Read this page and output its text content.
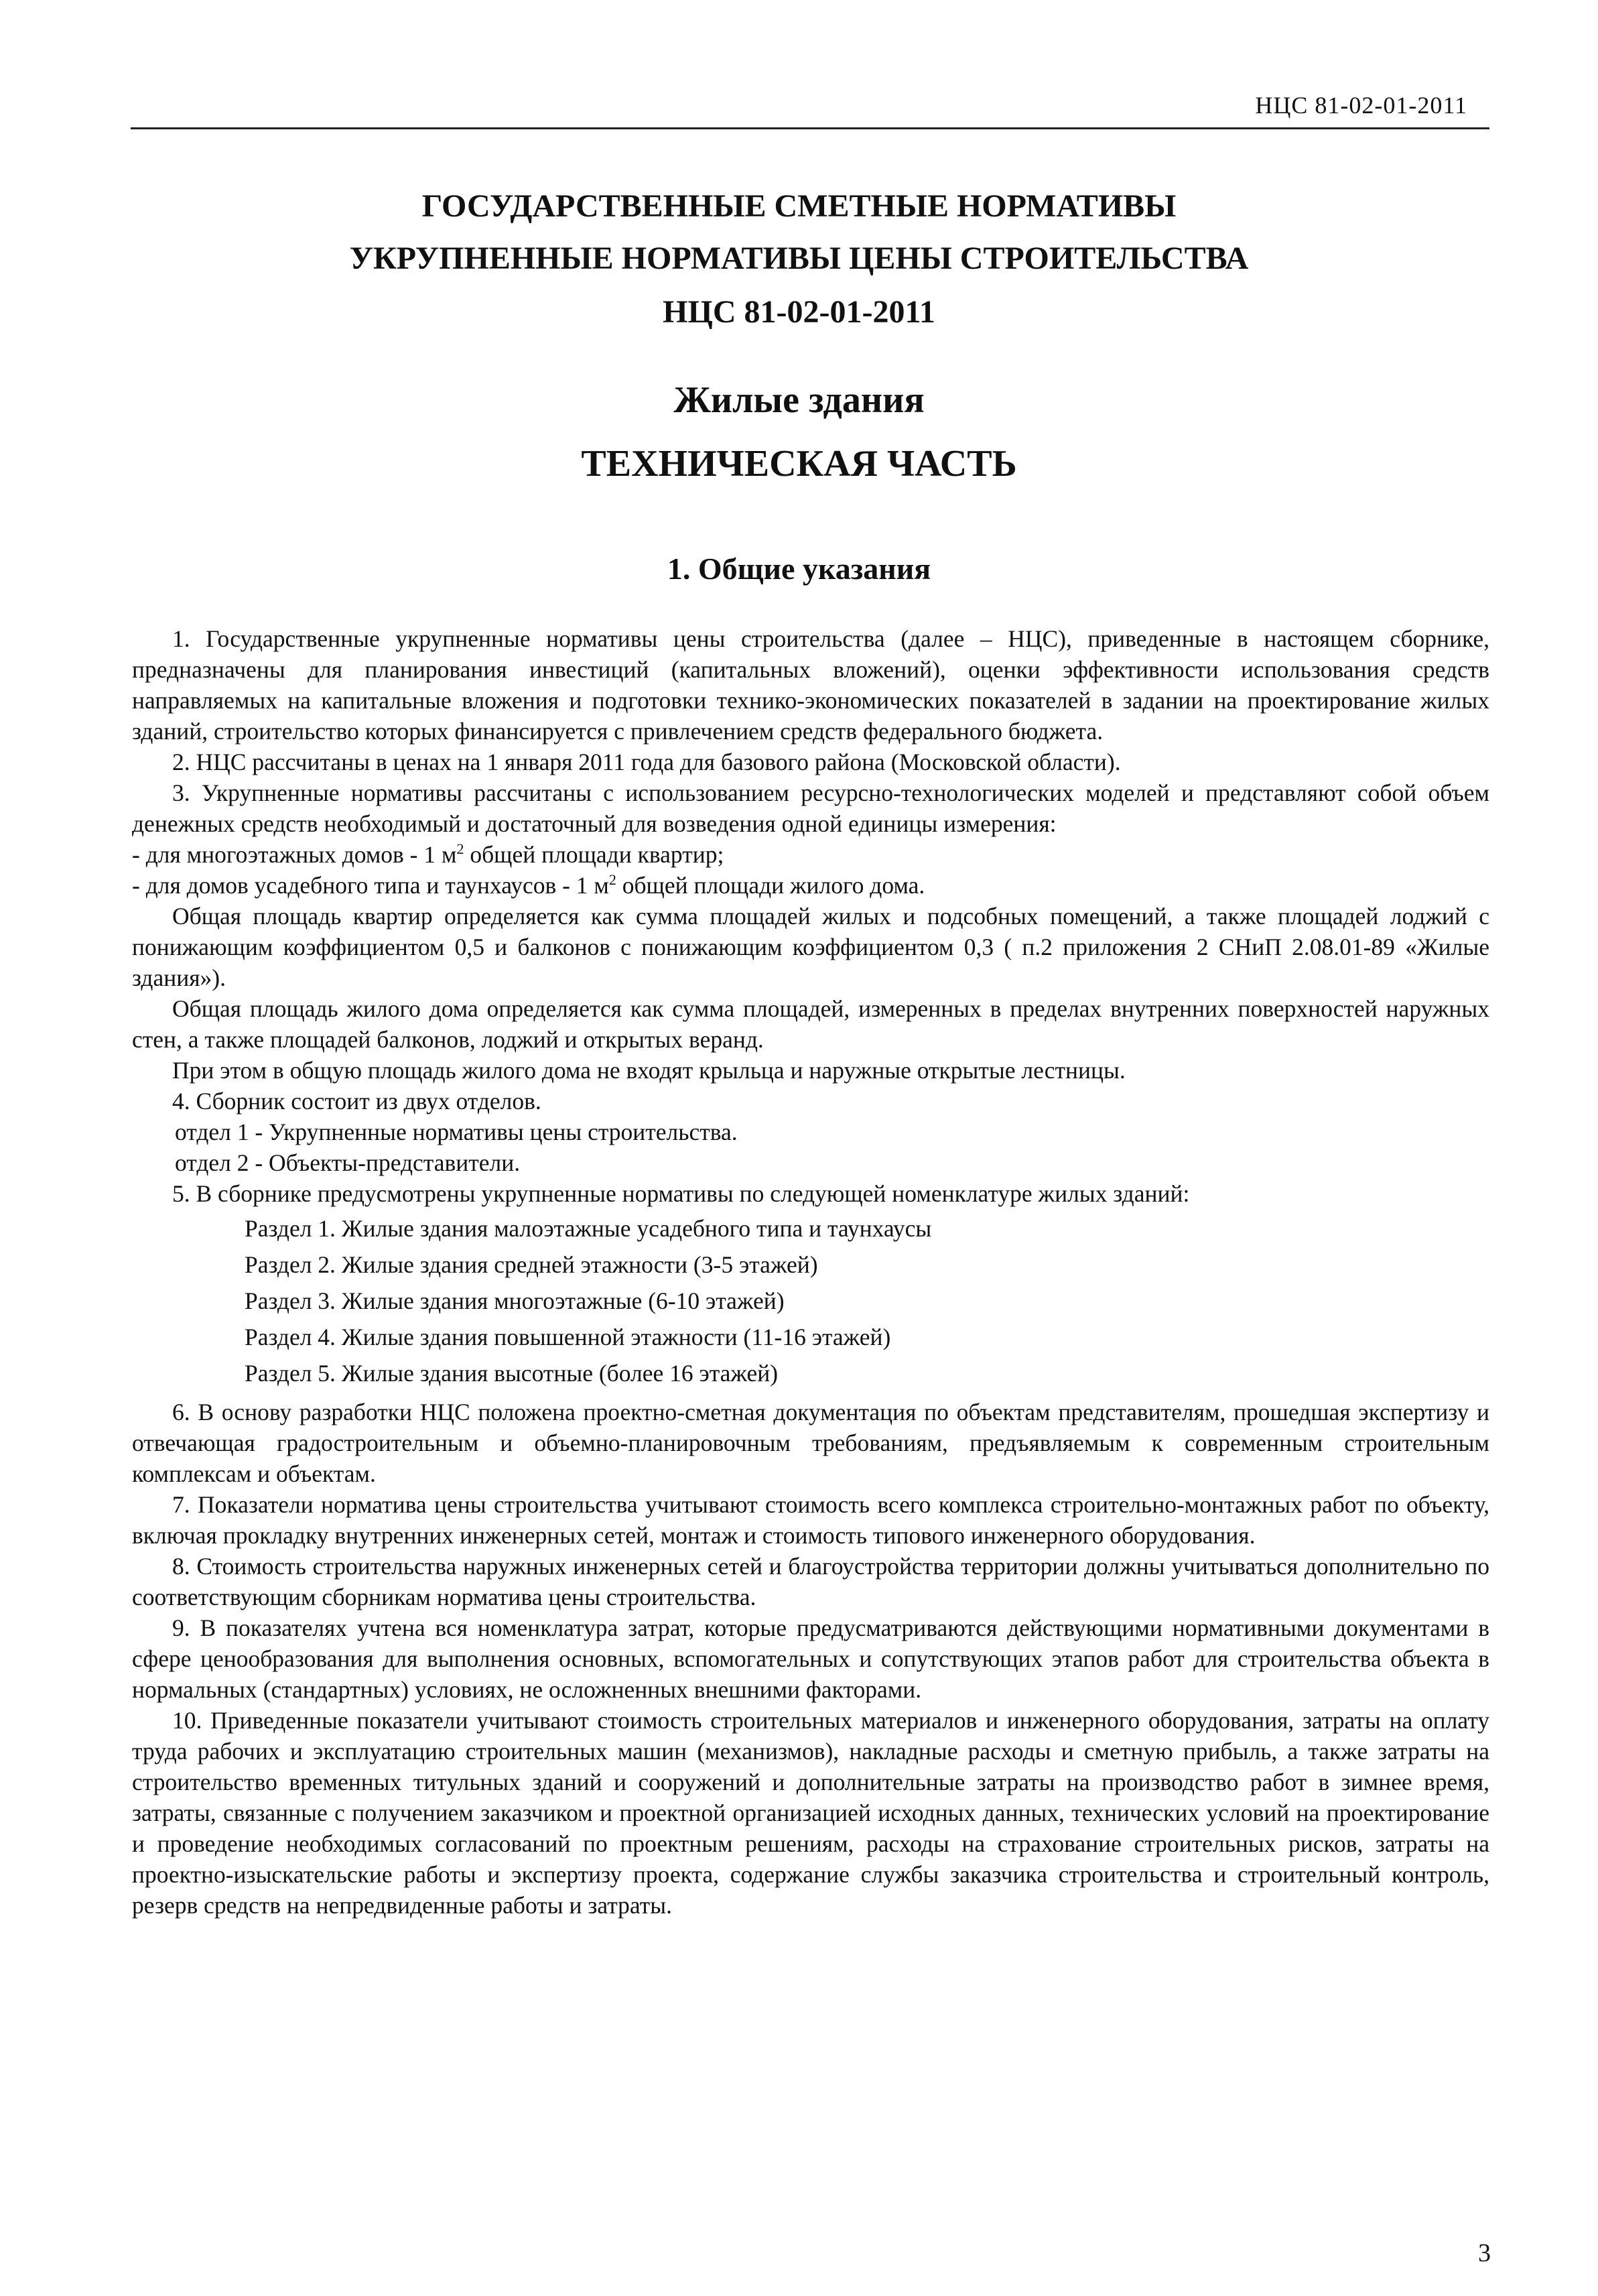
НЦС 81-02-01-2011
ГОСУДАРСТВЕННЫЕ СМЕТНЫЕ НОРМАТИВЫ
УКРУПНЕННЫЕ НОРМАТИВЫ ЦЕНЫ СТРОИТЕЛЬСТВА
НЦС 81-02-01-2011
Жилые здания
ТЕХНИЧЕСКАЯ ЧАСТЬ
1. Общие указания

1. Государственные укрупненные нормативы цены строительства (далее – НЦС), приведенные в настоящем сборнике, предназначены для планирования инвестиций (капитальных вложений), оценки эффективности использования средств направляемых на капитальные вложения и подготовки технико-экономических показателей в задании на проектирование жилых зданий, строительство которых финансируется с привлечением средств федерального бюджета.

2. НЦС рассчитаны в ценах на 1 января 2011 года для базового района (Московской области).

3. Укрупненные нормативы рассчитаны с использованием ресурсно-технологических моделей и представляют собой объем денежных средств необходимый и достаточный для возведения одной единицы измерения:

- для многоэтажных домов - 1 $м^2$ общей площади квартир;

- для домов усадебного типа и таунхаусов - 1 $м^2$ общей площади жилого дома.

Общая площадь квартир определяется как сумма площадей жилых и подсобных помещений, а также площадей лоджий с понижающим коэффициентом 0,5 и балконов с понижающим коэффициентом 0,3 ( п.2 приложения 2 СНиП 2.08.01-89 «Жилые здания»).

Общая площадь жилого дома определяется как сумма площадей, измеренных в пределах внутренних поверхностей наружных стен, а также площадей балконов, лоджий и открытых веранд.

При этом в общую площадь жилого дома не входят крыльца и наружные открытые лестницы.

4. Сборник состоит из двух отделов.

отдел 1 - Укрупненные нормативы цены строительства.

отдел 2 - Объекты-представители.

5. В сборнике предусмотрены укрупненные нормативы по следующей номенклатуре жилых зданий:

Раздел 1. Жилые здания малоэтажные усадебного типа и таунхаусы
Раздел 2. Жилые здания средней этажности (3-5 этажей)
Раздел 3. Жилые здания многоэтажные (6-10 этажей)
Раздел 4. Жилые здания повышенной этажности (11-16 этажей)
Раздел 5. Жилые здания высотные (более 16 этажей)

6. В основу разработки НЦС положена проектно-сметная документация по объектам представителям, прошедшая экспертизу и отвечающая градостроительным и объемно-планировочным требованиям, предъявляемым к современным строительным комплексам и объектам.

7. Показатели норматива цены строительства учитывают стоимость всего комплекса строительно-монтажных работ по объекту, включая прокладку внутренних инженерных сетей, монтаж и стоимость типового инженерного оборудования.

8. Стоимость строительства наружных инженерных сетей и благоустройства территории должны учитываться дополнительно по соответствующим сборникам норматива цены строительства.

9. В показателях учтена вся номенклатура затрат, которые предусматриваются действующими нормативными документами в сфере ценообразования для выполнения основных, вспомогательных и сопутствующих этапов работ для строительства объекта в нормальных (стандартных) условиях, не осложненных внешними факторами.

10. Приведенные показатели учитывают стоимость строительных материалов и инженерного оборудования, затраты на оплату труда рабочих и эксплуатацию строительных машин (механизмов), накладные расходы и сметную прибыль, а также затраты на строительство временных титульных зданий и сооружений и дополнительные затраты на производство работ в зимнее время, затраты, связанные с получением заказчиком и проектной организацией исходных данных, технических условий на проектирование и проведение необходимых согласований по проектным решениям, расходы на страхование строительных рисков, затраты на проектно-изыскательские работы и экспертизу проекта, содержание службы заказчика строительства и строительный контроль, резерв средств на непредвиденные работы и затраты.

3
